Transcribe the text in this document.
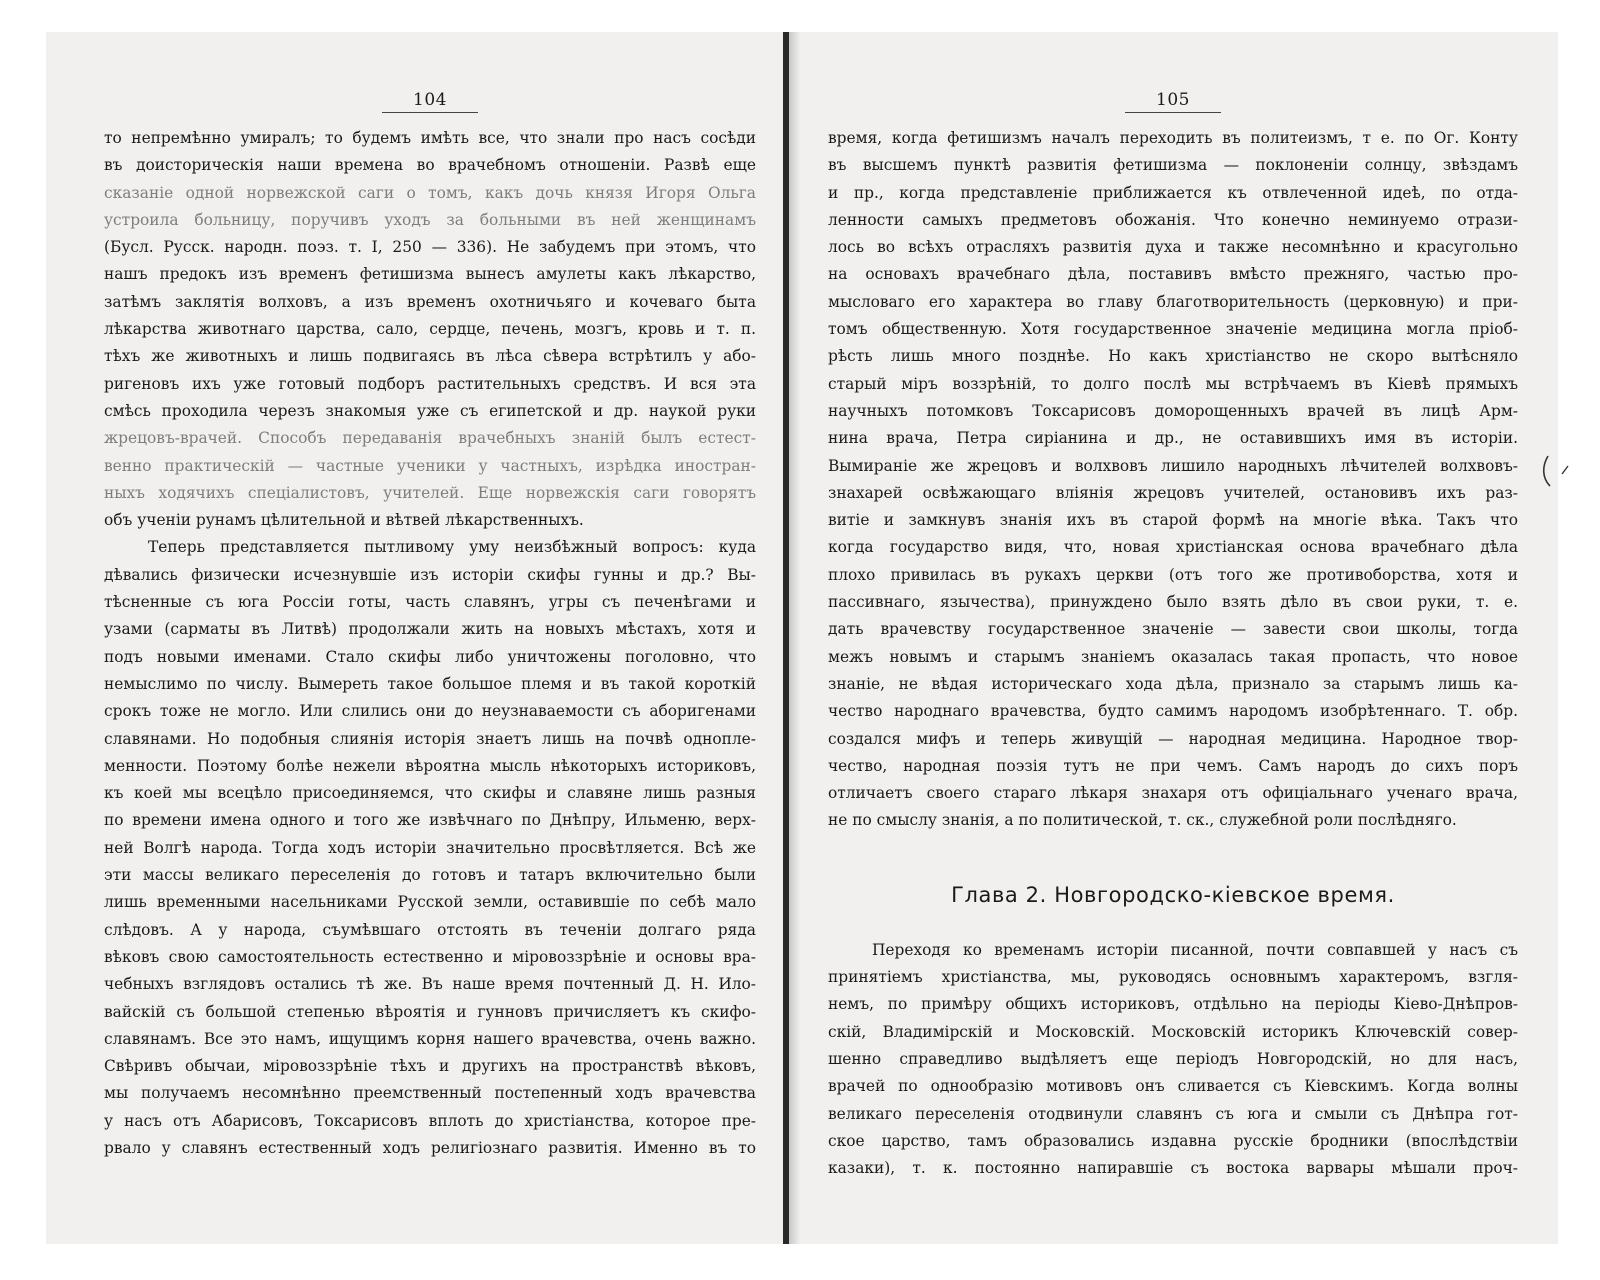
104
то непремѣнно умиралъ; то будемъ имѣть все, что знали про насъ сосѣди
въ доисторическія наши времена во врачебномъ отношеніи. Развѣ еще
сказаніе одной норвежской саги о томъ, какъ дочь князя Игоря Ольга
устроила больницу, поручивъ уходъ за больными въ ней женщинамъ
(Бусл. Русск. народн. поэз. т. I, 250 — 336). Не забудемъ при этомъ, что
нашъ предокъ изъ временъ фетишизма вынесъ амулеты какъ лѣкарство,
затѣмъ заклятія волховъ, а изъ временъ охотничьяго и кочеваго быта
лѣкарства животнаго царства, сало, сердце, печень, мозгъ, кровь и т. п.
тѣхъ же животныхъ и лишь подвигаясь въ лѣса сѣвера встрѣтилъ у або-
ригеновъ ихъ уже готовый подборъ растительныхъ средствъ. И вся эта
смѣсь проходила черезъ знакомыя уже съ египетской и др. наукой руки
жрецовъ-врачей. Способъ передаванія врачебныхъ знаній былъ естест-
венно практическій — частные ученики у частныхъ, изрѣдка иностран-
ныхъ ходячихъ спеціалистовъ, учителей. Еще норвежскія саги говорятъ
объ ученіи рунамъ цѣлительной и вѣтвей лѣкарственныхъ.
Теперь представляется пытливому уму неизбѣжный вопросъ: куда
дѣвались физически исчезнувшіе изъ исторіи скифы гунны и др.? Вы-
тѣсненные съ юга Россіи готы, часть славянъ, угры съ печенѣгами и
узами (сарматы въ Литвѣ) продолжали жить на новыхъ мѣстахъ, хотя и
подъ новыми именами. Стало скифы либо уничтожены поголовно, что
немыслимо по числу. Вымереть такое большое племя и въ такой короткій
срокъ тоже не могло. Или слились они до неузнаваемости съ аборигенами
славянами. Но подобныя слиянія исторія знаетъ лишь на почвѣ однопле-
менности. Поэтому болѣе нежели вѣроятна мысль нѣкоторыхъ историковъ,
къ коей мы всецѣло присоединяемся, что скифы и славяне лишь разныя
по времени имена одного и того же извѣчнаго по Днѣпру, Ильменю, верх-
ней Волгѣ народа. Тогда ходъ исторіи значительно просвѣтляется. Всѣ же
эти массы великаго переселенія до готовъ и татаръ включительно были
лишь временными насельниками Русской земли, оставившіе по себѣ мало
слѣдовъ. А у народа, съумѣвшаго отстоять въ теченіи долгаго ряда
вѣковъ свою самостоятельность естественно и міровоззрѣніе и основы вра-
чебныхъ взглядовъ остались тѣ же. Въ наше время почтенный Д. Н. Ило-
вайскій съ большой степенью вѣроятія и гунновъ причисляетъ къ скифо-
славянамъ. Все это намъ, ищущимъ корня нашего врачевства, очень важно.
Свѣривъ обычаи, міровоззрѣніе тѣхъ и другихъ на пространствѣ вѣковъ,
мы получаемъ несомнѣнно преемственный постепенный ходъ врачевства
у насъ отъ Абарисовъ, Токсарисовъ вплоть до христіанства, которое пре-
рвало у славянъ естественный ходъ религіознаго развитія. Именно въ то
105
время, когда фетишизмъ началъ переходить въ политеизмъ, т е. по Ог. Конту
въ высшемъ пунктѣ развитія фетишизма — поклоненіи солнцу, звѣздамъ
и пр., когда представленіе приближается къ отвлеченной идеѣ, по отда-
ленности самыхъ предметовъ обожанія. Что конечно неминуемо отрази-
лось во всѣхъ отрасляхъ развитія духа и также несомнѣнно и красугольно
на основахъ врачебнаго дѣла, поставивъ вмѣсто прежняго, частью про-
мысловаго его характера во главу благотворительность (церковную) и при-
томъ общественную. Хотя государственное значеніе медицина могла пріоб-
рѣсть лишь много позднѣе. Но какъ христіанство не скоро вытѣсняло
старый міръ воззрѣній, то долго послѣ мы встрѣчаемъ въ Кіевѣ прямыхъ
научныхъ потомковъ Токсарисовъ доморощенныхъ врачей въ лицѣ Арм-
нина врача, Петра сиріанина и др., не оставившихъ имя въ исторіи.
Вымираніе же жрецовъ и волхвовъ лишило народныхъ лѣчителей волхвовъ-
знахарей освѣжающаго вліянія жрецовъ учителей, остановивъ ихъ раз-
витіе и замкнувъ знанія ихъ въ старой формѣ на многіе вѣка. Такъ что
когда государство видя, что, новая христіанская основа врачебнаго дѣла
плохо привилась въ рукахъ церкви (отъ того же противоборства, хотя и
пассивнаго, язычества), принуждено было взять дѣло въ свои руки, т. е.
дать врачевству государственное значеніе — завести свои школы, тогда
межъ новымъ и старымъ знаніемъ оказалась такая пропасть, что новое
знаніе, не вѣдая историческаго хода дѣла, признало за старымъ лишь ка-
чество народнаго врачевства, будто самимъ народомъ изобрѣтеннаго. Т. обр.
создался мифъ и теперь живущій — народная медицина. Народное твор-
чество, народная поэзія тутъ не при чемъ. Самъ народъ до сихъ поръ
отличаетъ своего стараго лѣкаря знахаря отъ офиціальнаго ученаго врача,
не по смыслу знанія, а по политической, т. ск., служебной роли послѣдняго.
Глава 2. Новгородско-кіевское время.
Переходя ко временамъ исторіи писанной, почти совпавшей у насъ съ
принятіемъ христіанства, мы, руководясь основнымъ характеромъ, взгля-
немъ, по примѣру общихъ историковъ, отдѣльно на періоды Кіево-Днѣпров-
скій, Владимірскій и Московскій. Московскій историкъ Ключевскій совер-
шенно справедливо выдѣляетъ еще періодъ Новгородскій, но для насъ,
врачей по однообразію мотивовъ онъ сливается съ Кіевскимъ. Когда волны
великаго переселенія отодвинули славянъ съ юга и смыли съ Днѣпра гот-
ское царство, тамъ образовались издавна русскіе бродники (впослѣдствіи
казаки), т. к. постоянно напиравшіе съ востока варвары мѣшали проч-
